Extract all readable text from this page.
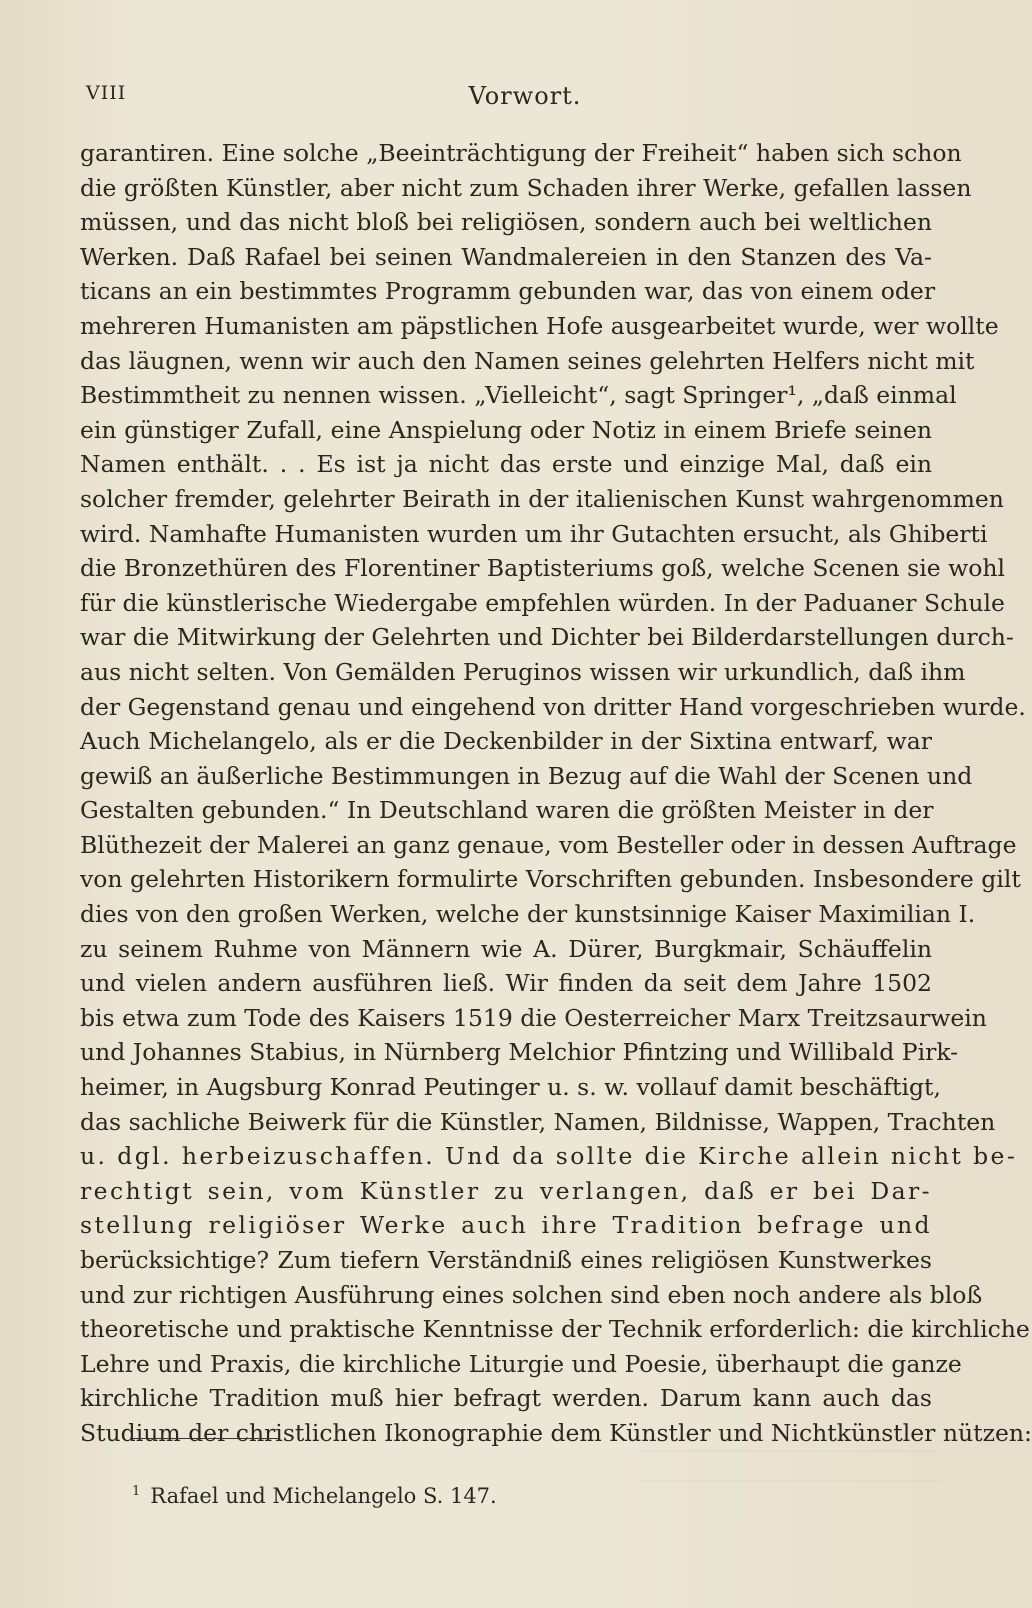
VIII	Vorwort.
garantiren. Eine solche „Beeinträchtigung der Freiheit“ haben sich schon
die größten Künstler, aber nicht zum Schaden ihrer Werke, gefallen lassen
müssen, und das nicht bloß bei religiösen, sondern auch bei weltlichen
Werken. Daß Rafael bei seinen Wandmalereien in den Stanzen des Va-
ticans an ein bestimmtes Programm gebunden war, das von einem oder
mehreren Humanisten am päpstlichen Hofe ausgearbeitet wurde, wer wollte
das läugnen, wenn wir auch den Namen seines gelehrten Helfers nicht mit
Bestimmtheit zu nennen wissen. „Vielleicht“, sagt Springer¹, „daß einmal
ein günstiger Zufall, eine Anspielung oder Notiz in einem Briefe seinen
Namen enthält. . . Es ist ja nicht das erste und einzige Mal, daß ein
solcher fremder, gelehrter Beirath in der italienischen Kunst wahrgenommen
wird. Namhafte Humanisten wurden um ihr Gutachten ersucht, als Ghiberti
die Bronzethüren des Florentiner Baptisteriums goß, welche Scenen sie wohl
für die künstlerische Wiedergabe empfehlen würden. In der Paduaner Schule
war die Mitwirkung der Gelehrten und Dichter bei Bilderdarstellungen durch-
aus nicht selten. Von Gemälden Peruginos wissen wir urkundlich, daß ihm
der Gegenstand genau und eingehend von dritter Hand vorgeschrieben wurde.
Auch Michelangelo, als er die Deckenbilder in der Sixtina entwarf, war
gewiß an äußerliche Bestimmungen in Bezug auf die Wahl der Scenen und
Gestalten gebunden.“ In Deutschland waren die größten Meister in der
Blüthezeit der Malerei an ganz genaue, vom Besteller oder in dessen Auftrage
von gelehrten Historikern formulirte Vorschriften gebunden. Insbesondere gilt
dies von den großen Werken, welche der kunstsinnige Kaiser Maximilian I.
zu seinem Ruhme von Männern wie A. Dürer, Burgkmair, Schäuffelin
und vielen andern ausführen ließ. Wir finden da seit dem Jahre 1502
bis etwa zum Tode des Kaisers 1519 die Oesterreicher Marx Treitzsaurwein
und Johannes Stabius, in Nürnberg Melchior Pfintzing und Willibald Pirk-
heimer, in Augsburg Konrad Peutinger u. s. w. vollauf damit beschäftigt,
das sachliche Beiwerk für die Künstler, Namen, Bildnisse, Wappen, Trachten
u. dgl. herbeizuschaffen. Und da sollte die Kirche allein nicht be-
rechtigt sein, vom Künstler zu verlangen, daß er bei Dar-
stellung religiöser Werke auch ihre Tradition befrage und
berücksichtige? Zum tiefern Verständniß eines religiösen Kunstwerkes
und zur richtigen Ausführung eines solchen sind eben noch andere als bloß
theoretische und praktische Kenntnisse der Technik erforderlich: die kirchliche
Lehre und Praxis, die kirchliche Liturgie und Poesie, überhaupt die ganze
kirchliche Tradition muß hier befragt werden. Darum kann auch das
Studium der christlichen Ikonographie dem Künstler und Nichtkünstler nützen:
$^1$ Rafael und Michelangelo S. 147.
